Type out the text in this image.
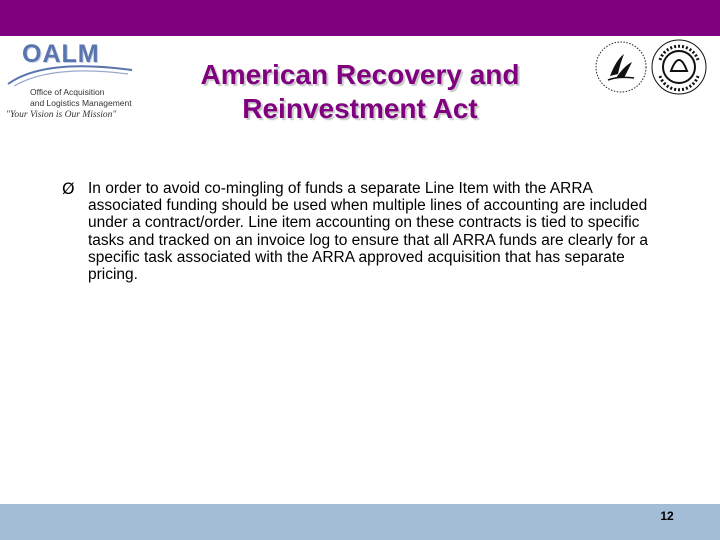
OALM
Office of Acquisition
and Logistics Management
"Your Vision is Our Mission"
American Recovery and
Reinvestment Act
Ø In order to avoid co-mingling of funds a separate Line Item with the ARRA associated funding should be used when multiple lines of accounting are included under a contract/order. Line item accounting on these contracts is tied to specific tasks and tracked on an invoice log to ensure that all ARRA funds are clearly for a specific task associated with the ARRA approved acquisition that has separate pricing.
12
